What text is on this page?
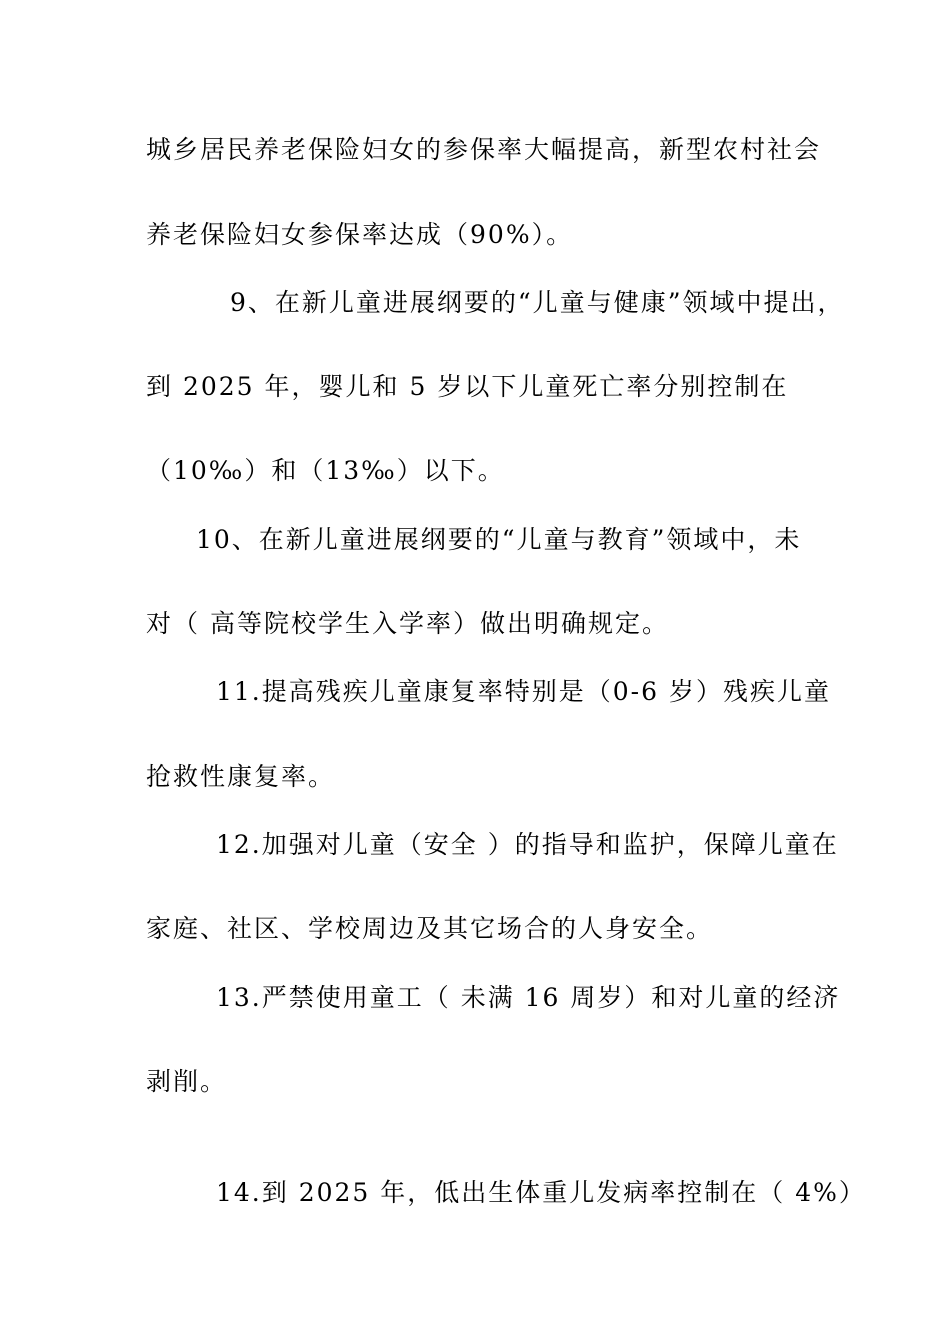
城乡居民养老保险妇女的参保率大幅提高，新型农村社会
养老保险妇女参保率达成（90%）。
9、在新儿童进展纲要的“儿童与健康”领域中提出，
到 2025 年，婴儿和 5 岁以下儿童死亡率分别控制在
（10‰）和（13‰）以下。
10、在新儿童进展纲要的“儿童与教育”领域中，未
对（ 高等院校学生入学率）做出明确规定。
11.提高残疾儿童康复率特别是（0-6 岁）残疾儿童
抢救性康复率。
12.加强对儿童（安全 ）的指导和监护，保障儿童在
家庭、社区、学校周边及其它场合的人身安全。
13.严禁使用童工（ 未满 16 周岁）和对儿童的经济
剥削。
14.到 2025 年，低出生体重儿发病率控制在（ 4%）
